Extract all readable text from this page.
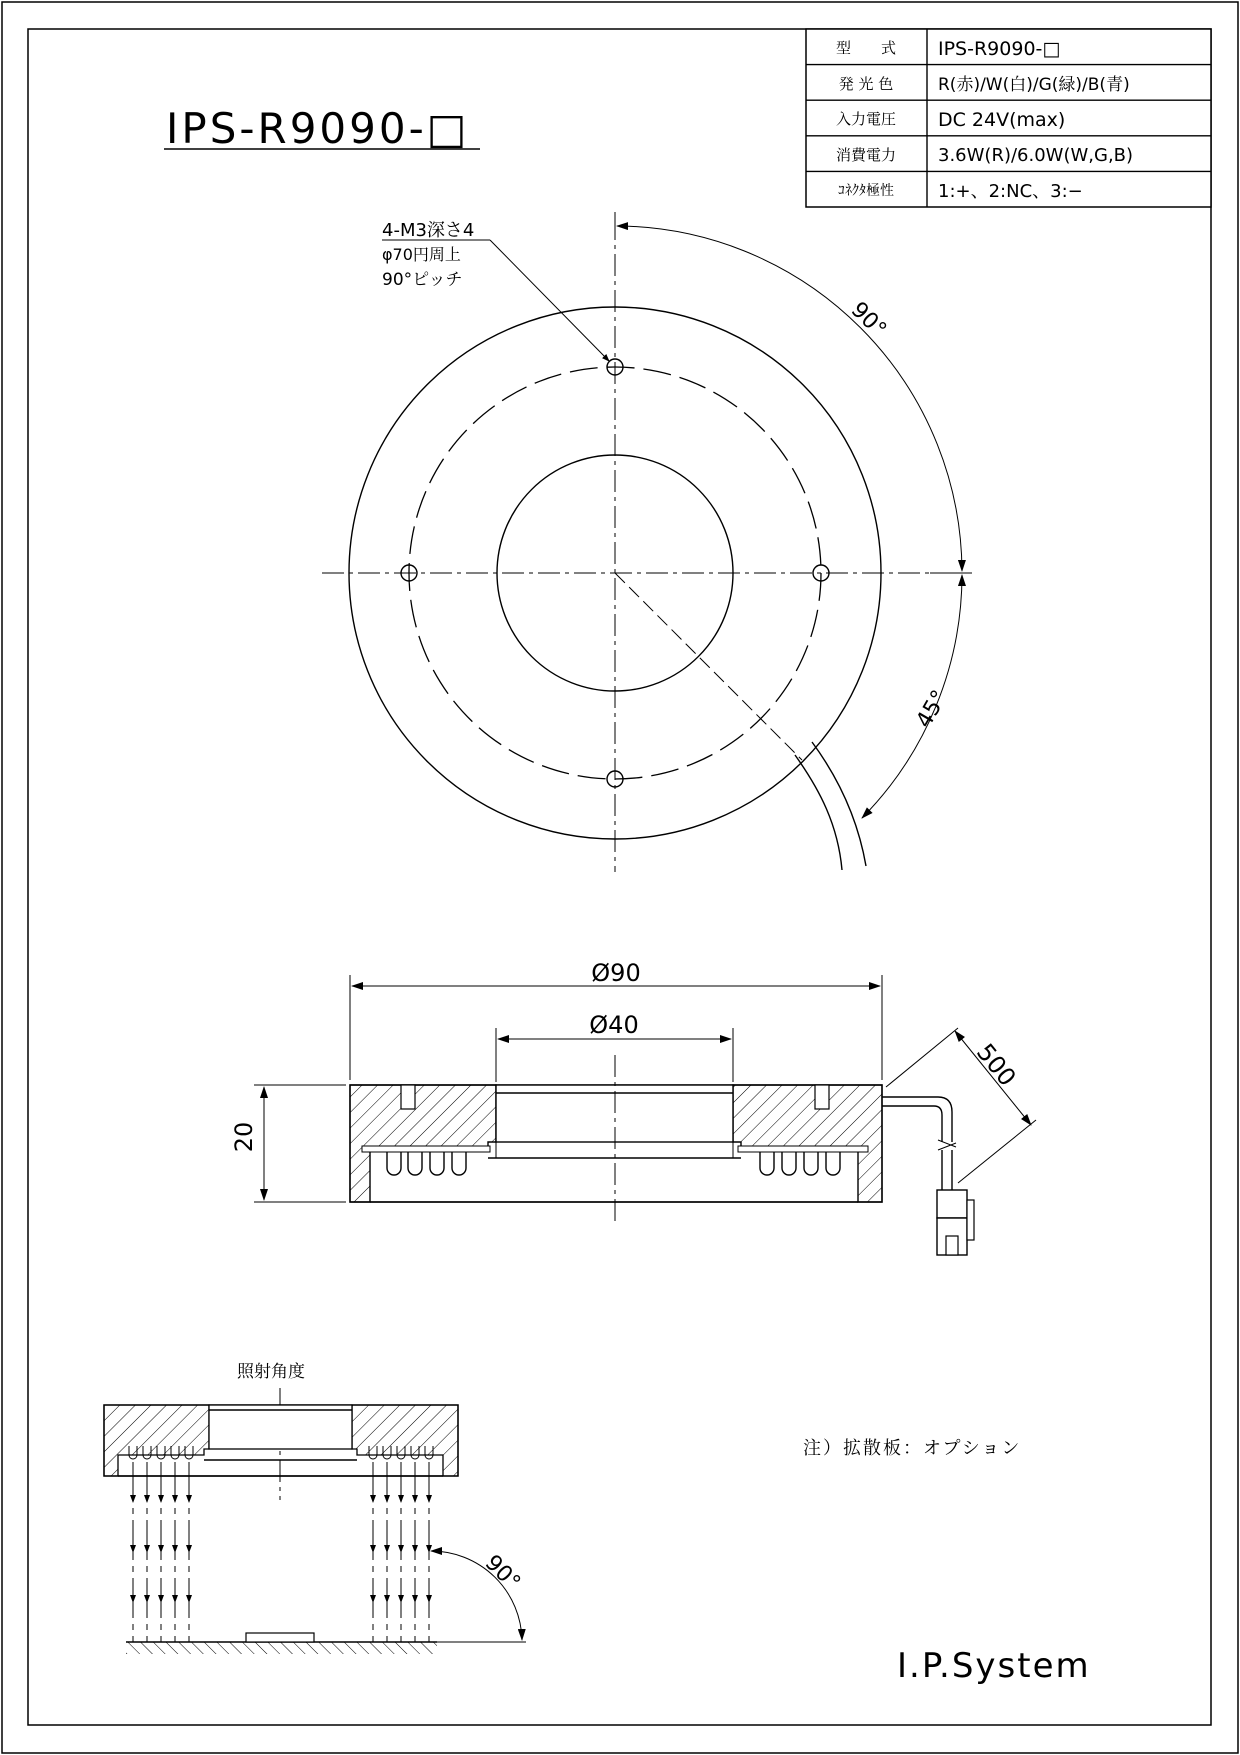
型　　式 IPS-R9090-□
発 光 色	R(赤)/W(白)/G(緑)/B(青)
入力電圧 DC 24V(max)
消費電力 3.6W(R)/6.0W(W,G,B)
ｺﾈｸﾀ極性 1:+、2:NC、3:−
IPS-R9090-□
90°
45°
4-M3深さ4
φ70円周上
90°ピッチ
Ø90
Ø40
20
500
照射角度
90°
注）拡散板：オプション
I.P.System
